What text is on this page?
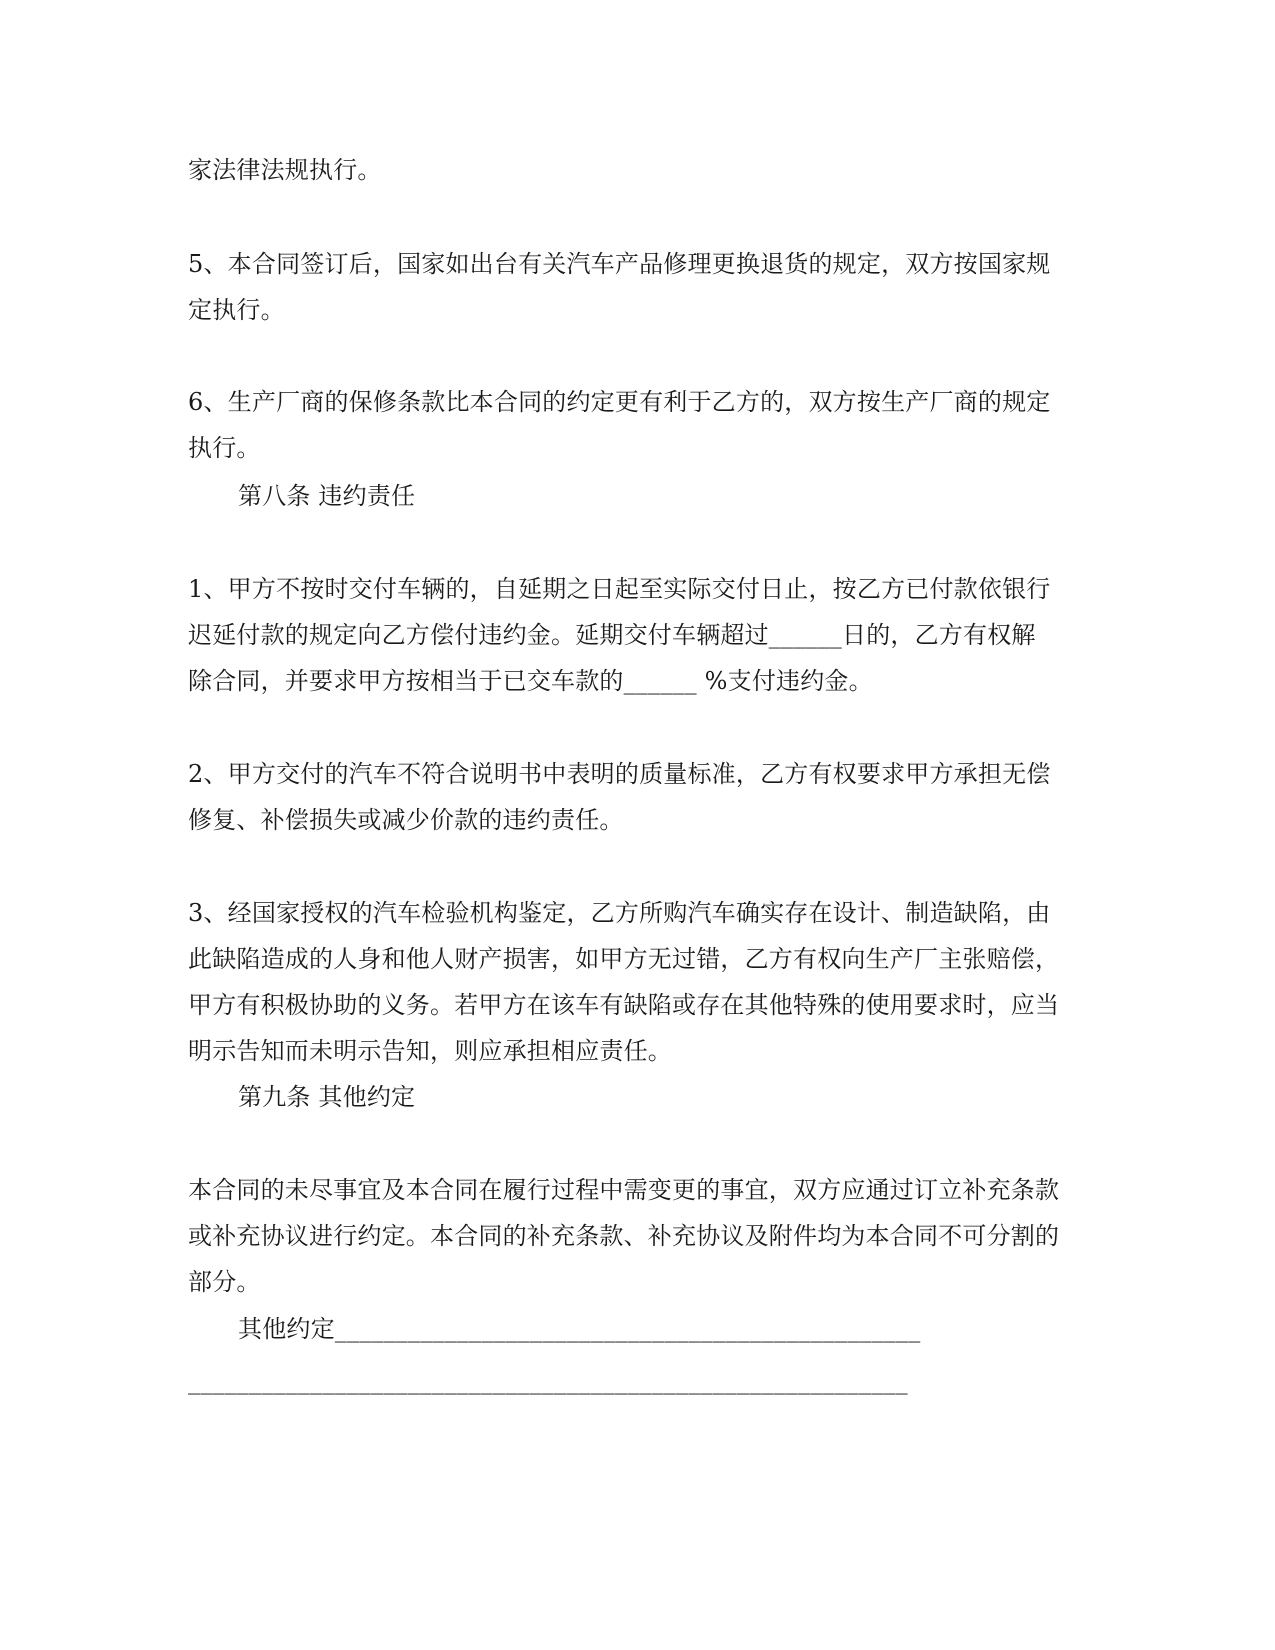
家法律法规执行。
5、本合同签订后，国家如出台有关汽车产品修理更换退货的规定，双方按国家规
定执行。
6、生产厂商的保修条款比本合同的约定更有利于乙方的，双方按生产厂商的规定
执行。
第八条 违约责任
1、甲方不按时交付车辆的，自延期之日起至实际交付日止，按乙方已付款依银行
迟延付款的规定向乙方偿付违约金。延期交付车辆超过______日的，乙方有权解
除合同，并要求甲方按相当于已交车款的______ %支付违约金。
2、甲方交付的汽车不符合说明书中表明的质量标准，乙方有权要求甲方承担无偿
修复、补偿损失或减少价款的违约责任。
3、经国家授权的汽车检验机构鉴定，乙方所购汽车确实存在设计、制造缺陷，由
此缺陷造成的人身和他人财产损害，如甲方无过错，乙方有权向生产厂主张赔偿，
甲方有积极协助的义务。若甲方在该车有缺陷或存在其他特殊的使用要求时，应当
明示告知而未明示告知，则应承担相应责任。
第九条 其他约定
本合同的未尽事宜及本合同在履行过程中需变更的事宜，双方应通过订立补充条款
或补充协议进行约定。本合同的补充条款、补充协议及附件均为本合同不可分割的
部分。
其他约定________________________________________________
___________________________________________________________
